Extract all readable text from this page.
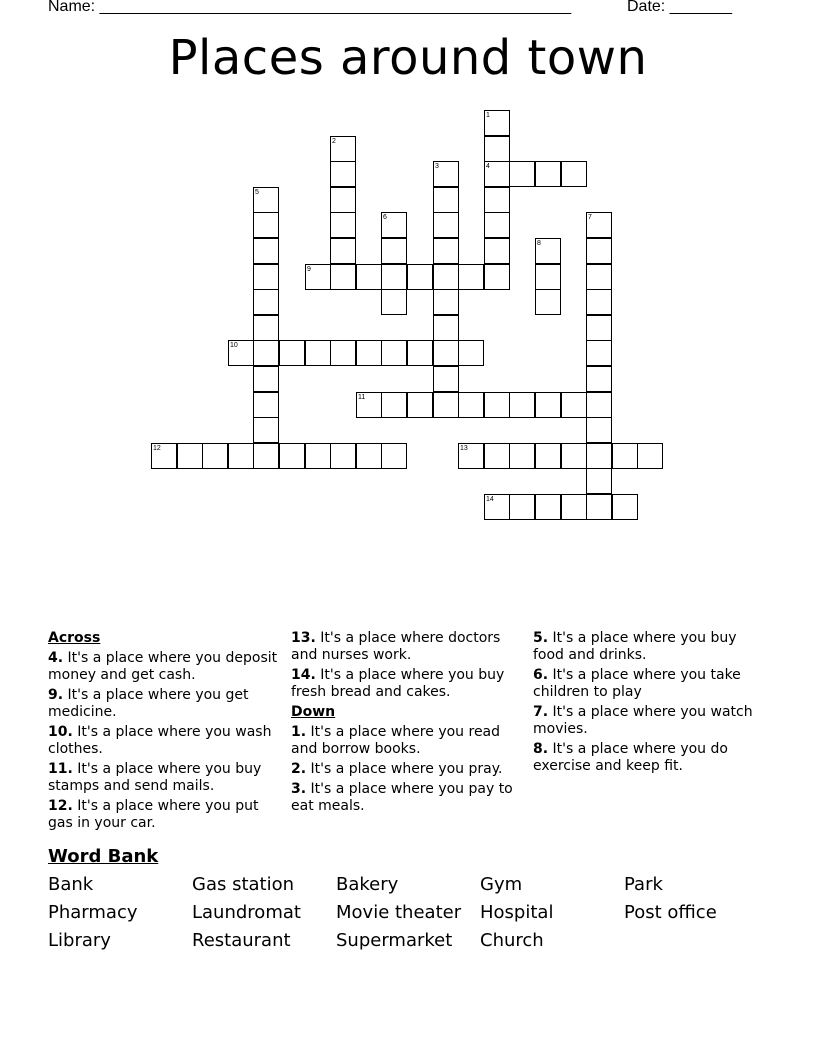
Name: _____________________________________________________	Date: _______
Places around town
1
2
3	4
5
6	7
8
9
10
11
12	13
14
Across
4. It's a place where you deposit money and get cash.
9. It's a place where you get medicine.
10. It's a place where you wash clothes.
11. It's a place where you buy stamps and send mails.
12. It's a place where you put gas in your car.
13. It's a place where doctors and nurses work.
14. It's a place where you buy fresh bread and cakes.
Down
1. It's a place where you read and borrow books.
2. It's a place where you pray.
3. It's a place where you pay to eat meals.
5. It's a place where you buy food and drinks.
6. It's a place where you take children to play
7. It's a place where you watch movies.
8. It's a place where you do exercise and keep fit.
Word Bank
Bank	Gas station	Bakery	Gym	Park
Pharmacy	Laundromat	Movie theater	Hospital	Post office
Library	Restaurant	Supermarket	Church
